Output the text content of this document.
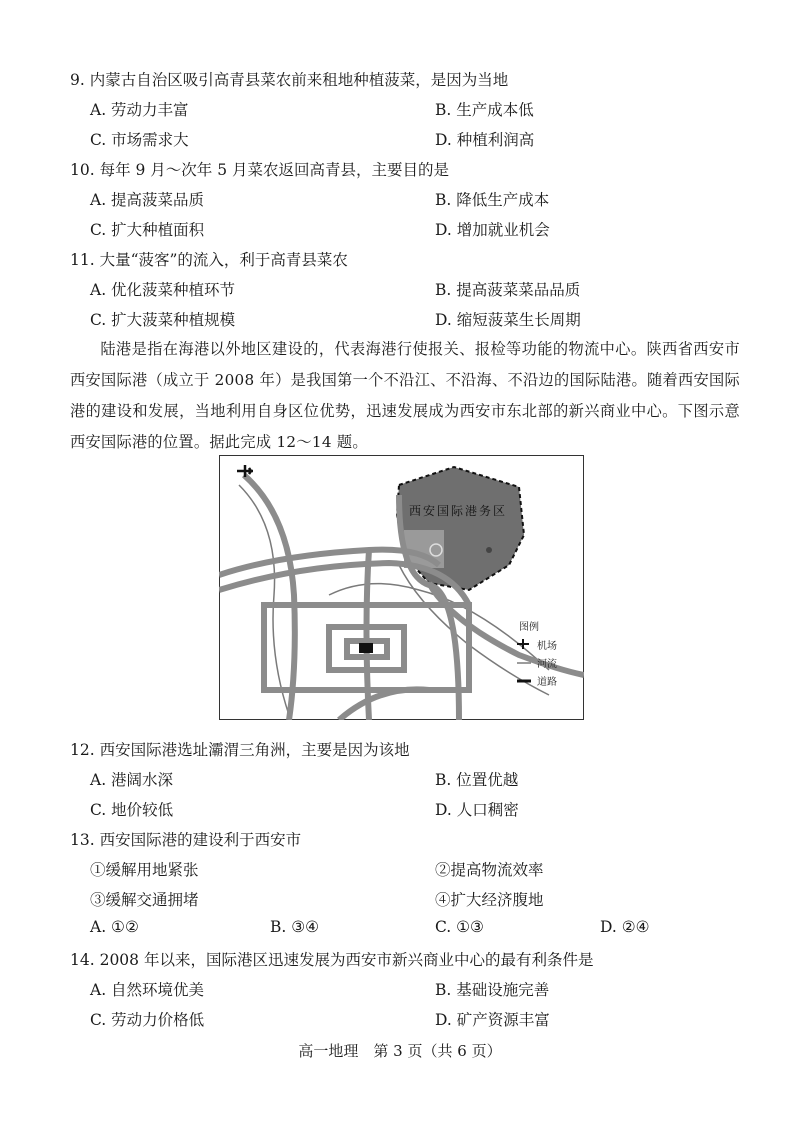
9. 内蒙古自治区吸引高青县菜农前来租地种植菠菜，是因为当地
A. 劳动力丰富	B. 生产成本低
C. 市场需求大	D. 种植利润高
10. 每年 9 月～次年 5 月菜农返回高青县，主要目的是
A. 提高菠菜品质	B. 降低生产成本
C. 扩大种植面积	D. 增加就业机会
11. 大量“菠客”的流入，利于高青县菜农
A. 优化菠菜种植环节	B. 提高菠菜菜品品质
C. 扩大菠菜种植规模	D. 缩短菠菜生长周期
陆港是指在海港以外地区建设的，代表海港行使报关、报检等功能的物流中心。陕西省西安市西安国际港（成立于 2008 年）是我国第一个不沿江、不沿海、不沿边的国际陆港。随着西安国际港的建设和发展，当地利用自身区位优势，迅速发展成为西安市东北部的新兴商业中心。下图示意西安国际港的位置。据此完成 12～14 题。
西安国际港务区
图例
机场
河流
道路
12. 西安国际港选址灞渭三角洲，主要是因为该地
A. 港阔水深	B. 位置优越
C. 地价较低	D. 人口稠密
13. 西安国际港的建设利于西安市
①缓解用地紧张	②提高物流效率
③缓解交通拥堵	④扩大经济腹地
A. ①②	B. ③④	C. ①③	D. ②④
14. 2008 年以来，国际港区迅速发展为西安市新兴商业中心的最有利条件是
A. 自然环境优美	B. 基础设施完善
C. 劳动力价格低	D. 矿产资源丰富
高一地理　第 3 页（共 6 页）
